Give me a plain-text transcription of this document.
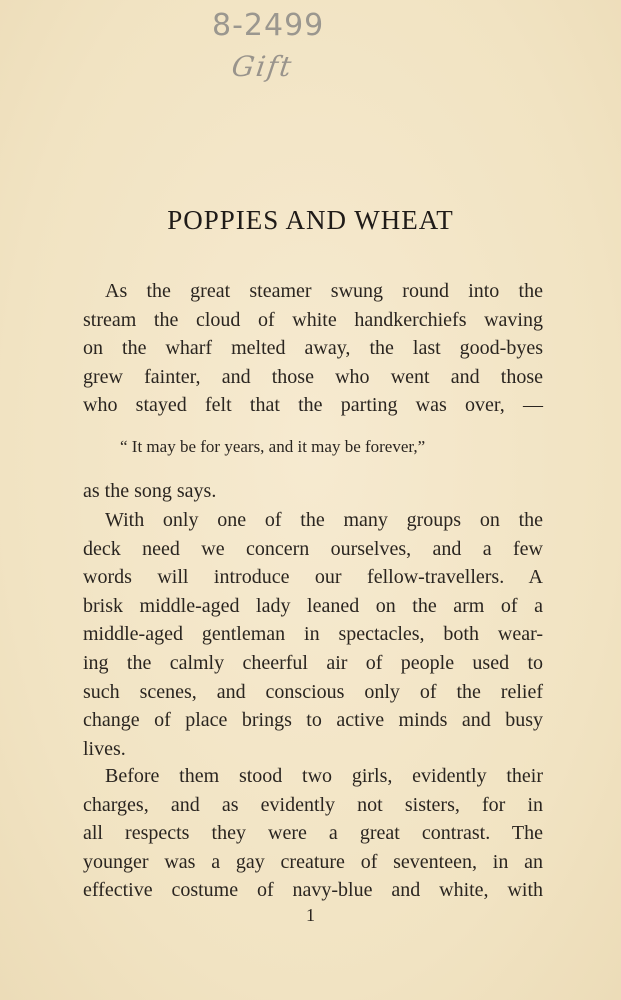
8-2499
Gift
POPPIES AND WHEAT
As the great steamer swung round into the
stream the cloud of white handkerchiefs waving
on the wharf melted away, the last good-byes
grew fainter, and those who went and those
who stayed felt that the parting was over, —
“ It may be for years, and it may be forever,”
as the song says.
With only one of the many groups on the
deck need we concern ourselves, and a few
words will introduce our fellow-travellers. A
brisk middle-aged lady leaned on the arm of a
middle-aged gentleman in spectacles, both wear-
ing the calmly cheerful air of people used to
such scenes, and conscious only of the relief
change of place brings to active minds and busy
lives.
Before them stood two girls, evidently their
charges, and as evidently not sisters, for in
all respects they were a great contrast. The
younger was a gay creature of seventeen, in an
effective costume of navy-blue and white, with
1
